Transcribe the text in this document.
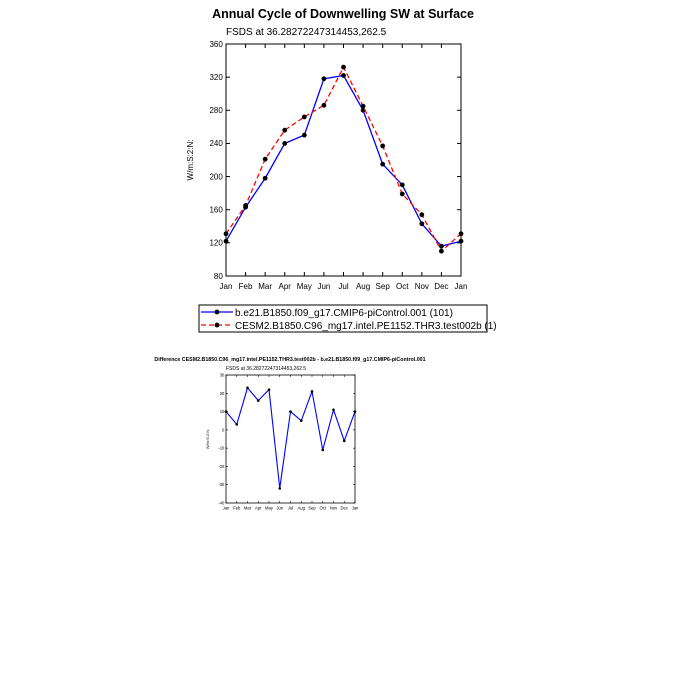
Annual Cycle of Downwelling SW at Surface
FSDS at 36.28272247314453,262.5
W/m:S:2:N:
80
120
160
200
240
280
320
360
Jan Feb Mar Apr May Jun Jul Aug Sep Oct Nov Dec Jan
b.e21.B1850.f09_g17.CMIP6-piControl.001 (101)
CESM2.B1850.C96_mg17.intel.PE1152.THR3.test002b (1)
Difference CESM2.B1850.C96_mg17.intel.PE1152.THR3.test002b - b.e21.B1850.f09_g17.CMIP6-piControl.001
FSDS at 36.28272247314453,262.5
W/m:S:2:N:
-40
-30
-20
-10
0
10
20
30
Jan Feb Mar Apr May Jun Jul Aug Sep Oct Nov Dec Jan
